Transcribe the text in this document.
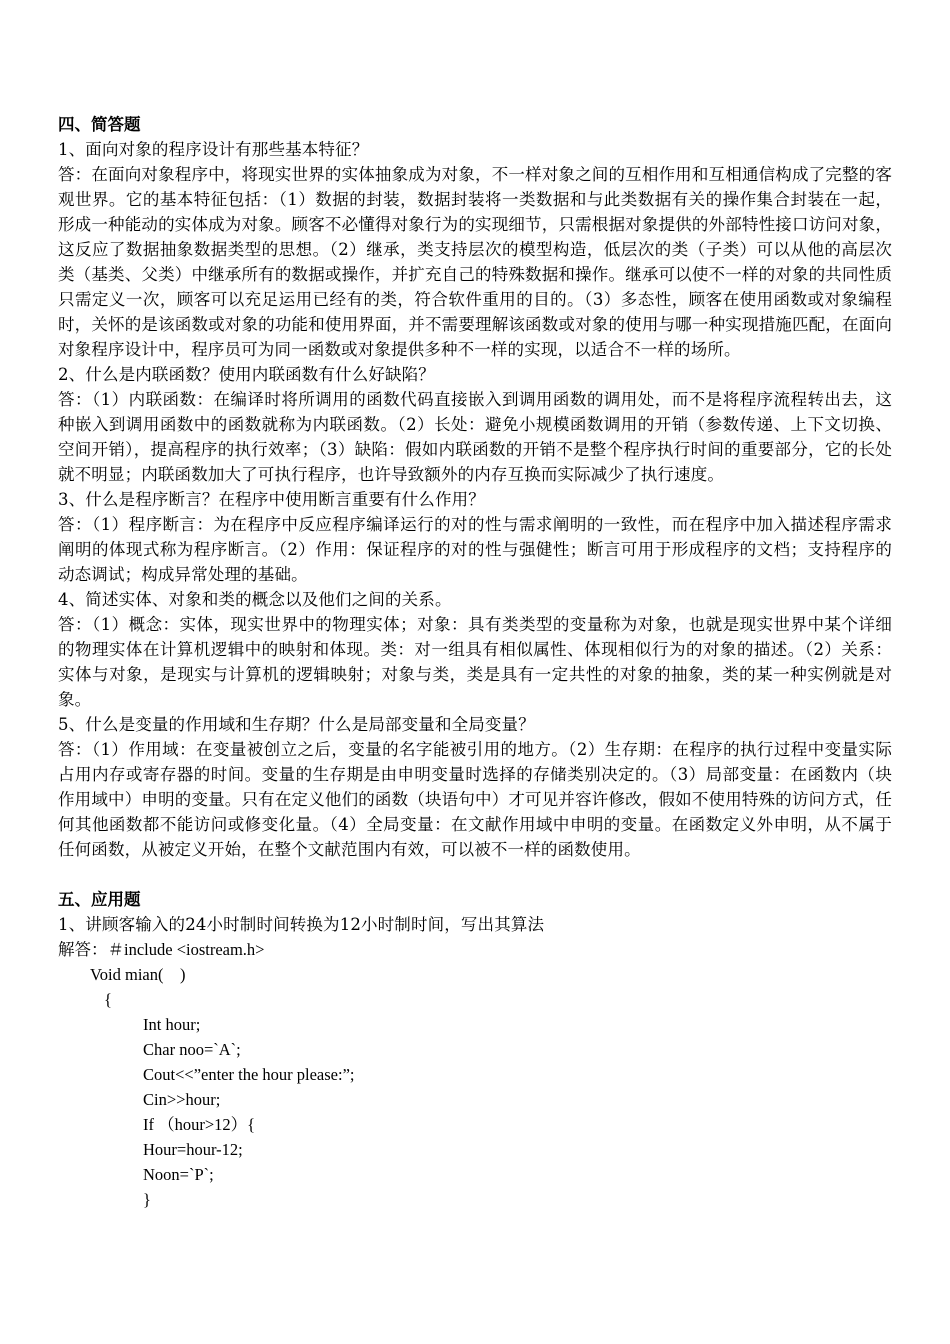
四、简答题

1、面向对象的程序设计有那些基本特征？

答：在面向对象程序中，将现实世界的实体抽象成为对象，不一样对象之间的互相作用和互相通信构成了完整的客观世界。它的基本特征包括：（1）数据的封装，数据封装将一类数据和与此类数据有关的操作集合封装在一起，形成一种能动的实体成为对象。顾客不必懂得对象行为的实现细节，只需根据对象提供的外部特性接口访问对象，这反应了数据抽象数据类型的思想。（2）继承，类支持层次的模型构造，低层次的类（子类）可以从他的高层次类（基类、父类）中继承所有的数据或操作，并扩充自己的特殊数据和操作。继承可以使不一样的对象的共同性质只需定义一次，顾客可以充足运用已经有的类，符合软件重用的目的。（3）多态性，顾客在使用函数或对象编程时，关怀的是该函数或对象的功能和使用界面，并不需要理解该函数或对象的使用与哪一种实现措施匹配，在面向对象程序设计中，程序员可为同一函数或对象提供多种不一样的实现，以适合不一样的场所。

2、什么是内联函数？使用内联函数有什么好缺陷？

答：（1）内联函数：在编译时将所调用的函数代码直接嵌入到调用函数的调用处，而不是将程序流程转出去，这种嵌入到调用函数中的函数就称为内联函数。（2）长处：避免小规模函数调用的开销（参数传递、上下文切换、空间开销），提高程序的执行效率；（3）缺陷：假如内联函数的开销不是整个程序执行时间的重要部分，它的长处就不明显；内联函数加大了可执行程序，也许导致额外的内存互换而实际减少了执行速度。

3、什么是程序断言？在程序中使用断言重要有什么作用？

答：（1）程序断言：为在程序中反应程序编译运行的对的性与需求阐明的一致性，而在程序中加入描述程序需求阐明的体现式称为程序断言。（2）作用：保证程序的对的性与强健性；断言可用于形成程序的文档；支持程序的动态调试；构成异常处理的基础。

4、简述实体、对象和类的概念以及他们之间的关系。

答：（1）概念：实体，现实世界中的物理实体；对象：具有类类型的变量称为对象，也就是现实世界中某个详细的物理实体在计算机逻辑中的映射和体现。类：对一组具有相似属性、体现相似行为的对象的描述。（2）关系：实体与对象，是现实与计算机的逻辑映射；对象与类，类是具有一定共性的对象的抽象，类的某一种实例就是对象。

5、什么是变量的作用域和生存期？什么是局部变量和全局变量？

答：（1）作用域：在变量被创立之后，变量的名字能被引用的地方。（2）生存期：在程序的执行过程中变量实际占用内存或寄存器的时间。变量的生存期是由申明变量时选择的存储类别决定的。（3）局部变量：在函数内（块作用域中）申明的变量。只有在定义他们的函数（块语句中）才可见并容许修改，假如不使用特殊的访问方式，任何其他函数都不能访问或修变化量。（4）全局变量：在文献作用域中申明的变量。在函数定义外申明，从不属于任何函数，从被定义开始，在整个文献范围内有效，可以被不一样的函数使用。

五、应用题

1、讲顾客输入的24小时制时间转换为12小时制时间，写出其算法

解答：＃include <iostream.h>

Void mian(    )

{

Int hour;

Char noo=`A`;

Cout<<”enter the hour please:”;

Cin>>hour;

If （hour>12）{

Hour=hour-12;

Noon=`P`;

}
